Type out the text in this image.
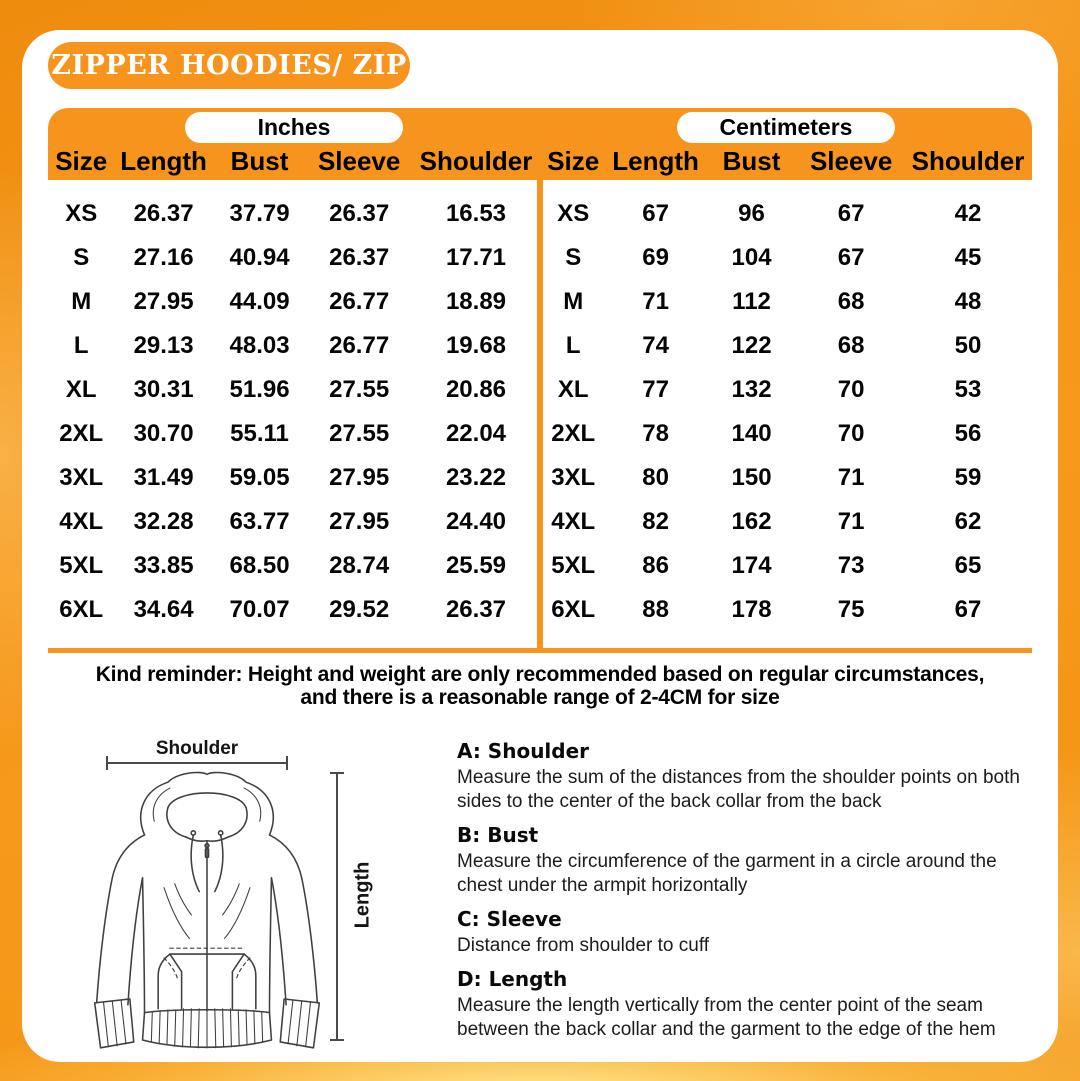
ZIPPER HOODIES/ ZIP
Inches
Size Length Bust	Sleeve Shoulder
XS	26.37	37.79	26.37	16.53
S	27.16	40.94	26.37	17.71
M	27.95	44.09	26.77	18.89
L	29.13	48.03	26.77	19.68
XL	30.31	51.96	27.55	20.86
2XL	30.70	55.11	27.55	22.04
3XL	31.49	59.05	27.95	23.22
4XL	32.28	63.77	27.95	24.40
5XL	33.85	68.50	28.74	25.59
6XL	34.64	70.07	29.52	26.37
Centimeters
Size Length Bust	Sleeve Shoulder
XS	67	96	67	42
S	69	104	67	45
M	71	112	68	48
L	74	122	68	50
XL	77	132	70	53
2XL	78	140	70	56
3XL	80	150	71	59
4XL	82	162	71	62
5XL	86	174	73	65
6XL	88	178	75	67
Kind reminder: Height and weight are only recommended based on regular circumstances,
and there is a reasonable range of 2-4CM for size
Shoulder
Length
A: Shoulder

Measure the sum of the distances from the shoulder points on both sides to the center of the back collar from the back

B: Bust

Measure the circumference of the garment in a circle around the chest under the armpit horizontally

C: Sleeve

Distance from shoulder to cuff

D: Length

Measure the length vertically from the center point of the seam between the back collar and the garment to the edge of the hem
